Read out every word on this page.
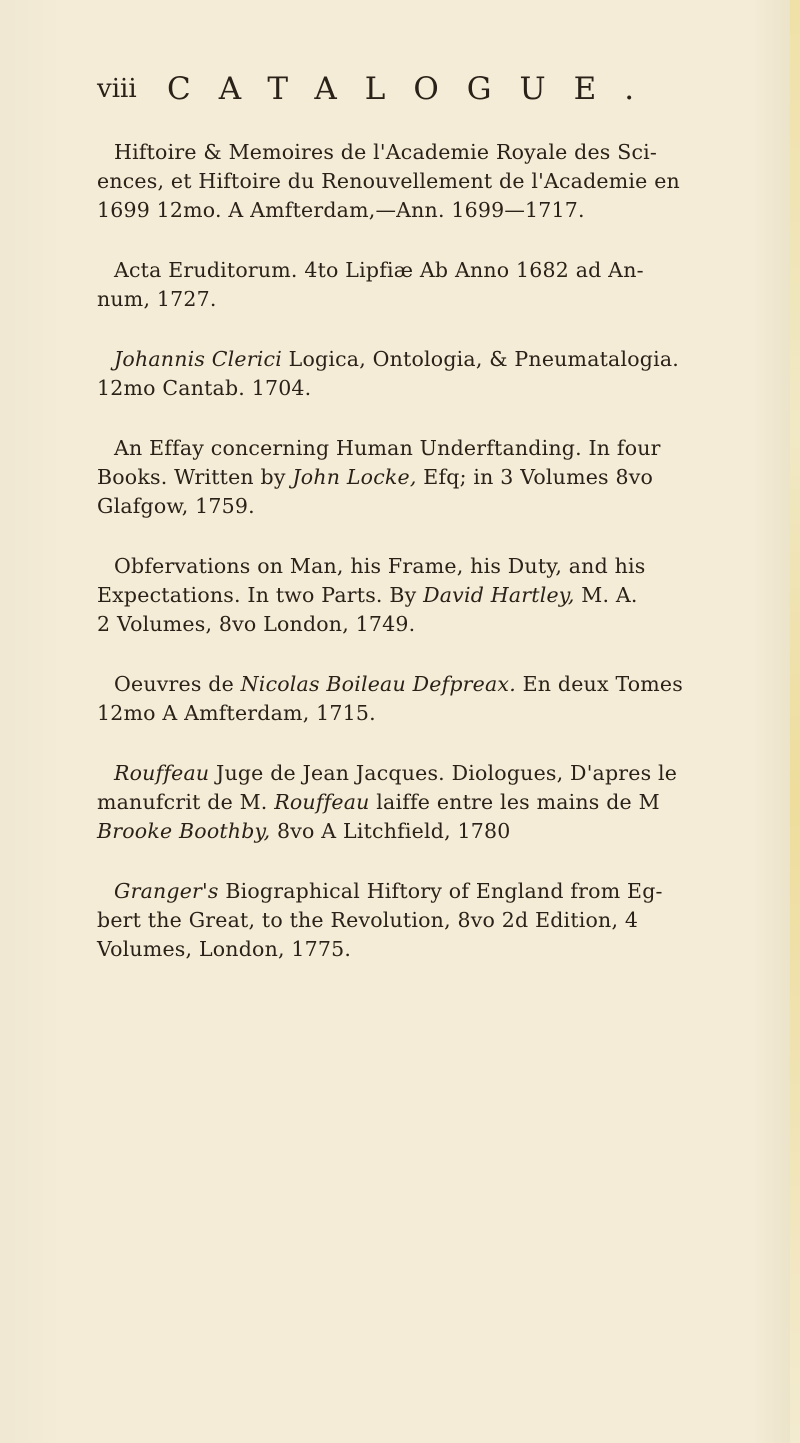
viii CATALOGUE.
Hiftoire & Memoires de l'Academie Royale des Sci-
ences, et Hiftoire du Renouvellement de l'Academie en
1699 12mo. A Amfterdam,—Ann. 1699—1717.
Acta Eruditorum. 4to Lipfiæ Ab Anno 1682 ad An-
num, 1727.
Johannis Clerici Logica, Ontologia, & Pneumatalogia.
12mo Cantab. 1704.
An Effay concerning Human Underftanding. In four
Books. Written by John Locke, Efq; in 3 Volumes 8vo
Glafgow, 1759.
Obfervations on Man, his Frame, his Duty, and his
Expectations. In two Parts. By David Hartley, M. A.
2 Volumes, 8vo London, 1749.
Oeuvres de Nicolas Boileau Defpreax. En deux Tomes
12mo A Amfterdam, 1715.
Rouffeau Juge de Jean Jacques. Diologues, D'apres le
manufcrit de M. Rouffeau laiffe entre les mains de M
Brooke Boothby, 8vo A Litchfield, 1780
Granger's Biographical Hiftory of England from Eg-
bert the Great, to the Revolution, 8vo 2d Edition, 4
Volumes, London, 1775.
